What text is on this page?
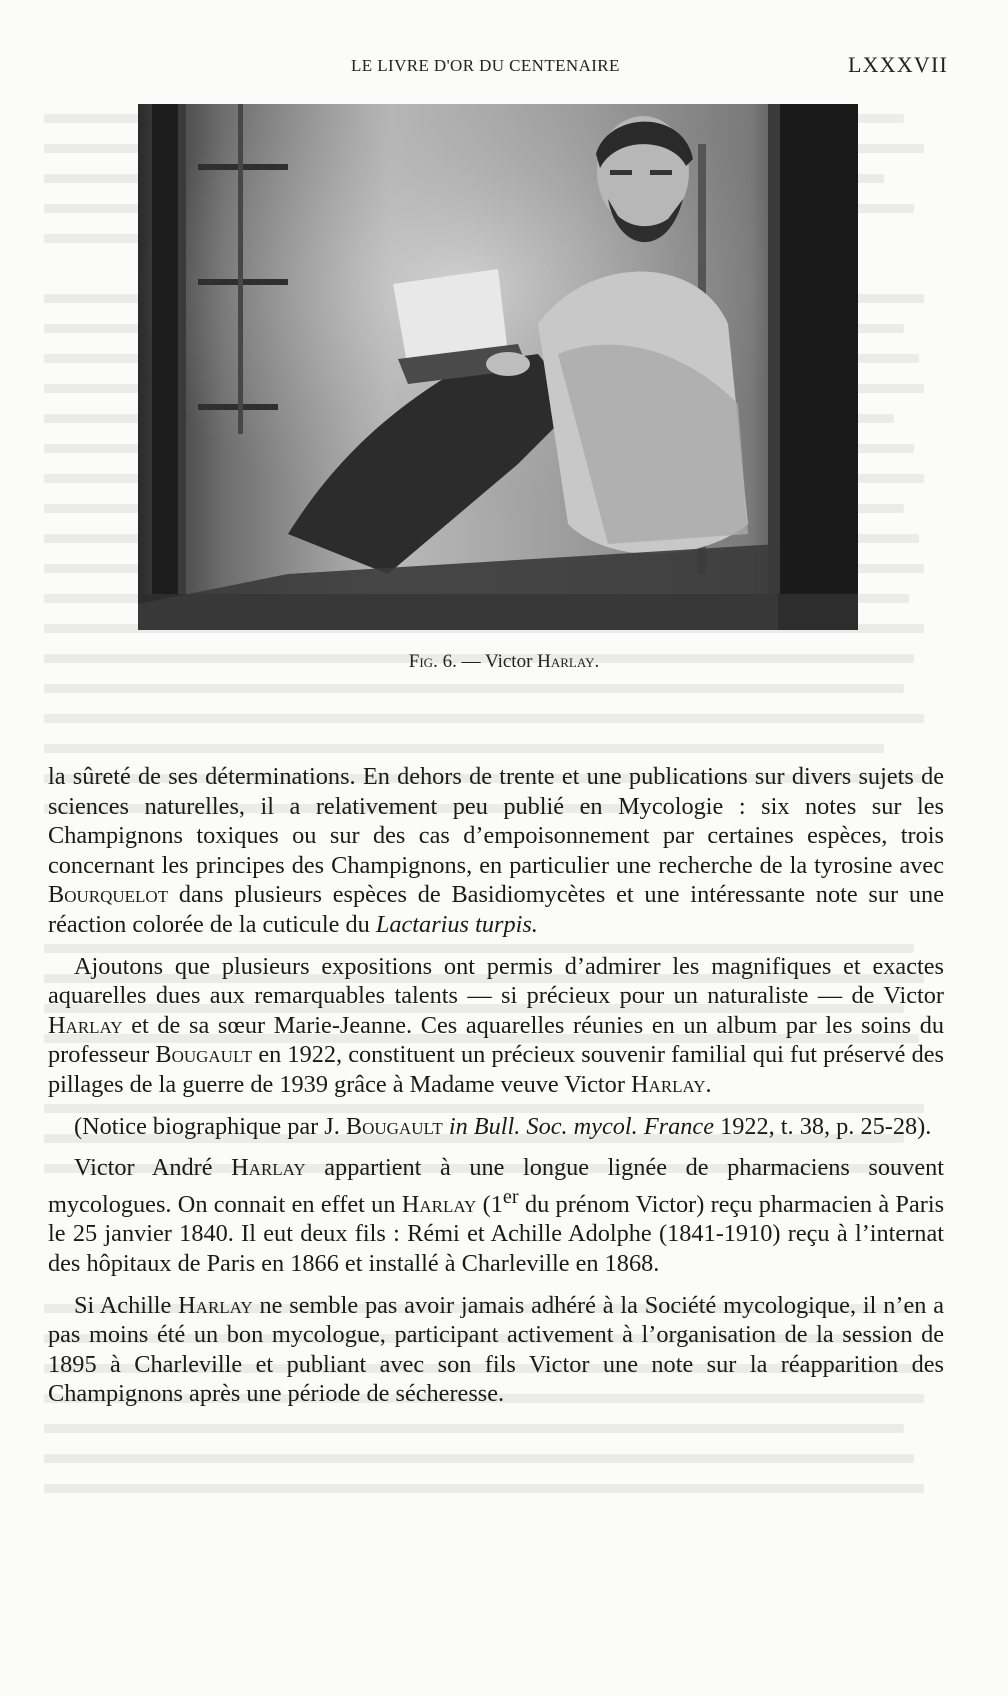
LE LIVRE D'OR DU CENTENAIRE	LXXXVII
Fig. 6. — Victor Harlay.

la sûreté de ses déterminations. En dehors de trente et une publications sur divers sujets de sciences naturelles, il a relativement peu publié en Mycologie : six notes sur les Champignons toxiques ou sur des cas d’empoisonnement par certaines espèces, trois concernant les principes des Champignons, en particulier une recherche de la tyrosine avec Bourquelot dans plusieurs espèces de Basidiomycètes et une intéressante note sur une réaction colorée de la cuticule du Lactarius turpis.

Ajoutons que plusieurs expositions ont permis d’admirer les magnifiques et exactes aquarelles dues aux remarquables talents — si précieux pour un naturaliste — de Victor Harlay et de sa sœur Marie-Jeanne. Ces aquarelles réunies en un album par les soins du professeur Bougault en 1922, constituent un précieux souvenir familial qui fut préservé des pillages de la guerre de 1939 grâce à Madame veuve Victor Harlay.

(Notice biographique par J. Bougault in Bull. Soc. mycol. France 1922, t. 38, p. 25-28).

Victor André Harlay appartient à une longue lignée de pharmaciens souvent mycologues. On connait en effet un Harlay (1er du prénom Victor) reçu pharmacien à Paris le 25 janvier 1840. Il eut deux fils : Rémi et Achille Adolphe (1841-1910) reçu à l’internat des hôpitaux de Paris en 1866 et installé à Charleville en 1868.

Si Achille Harlay ne semble pas avoir jamais adhéré à la Société mycologique, il n’en a pas moins été un bon mycologue, participant activement à l’organisation de la session de 1895 à Charleville et publiant avec son fils Victor une note sur la réapparition des Champignons après une période de sécheresse.
